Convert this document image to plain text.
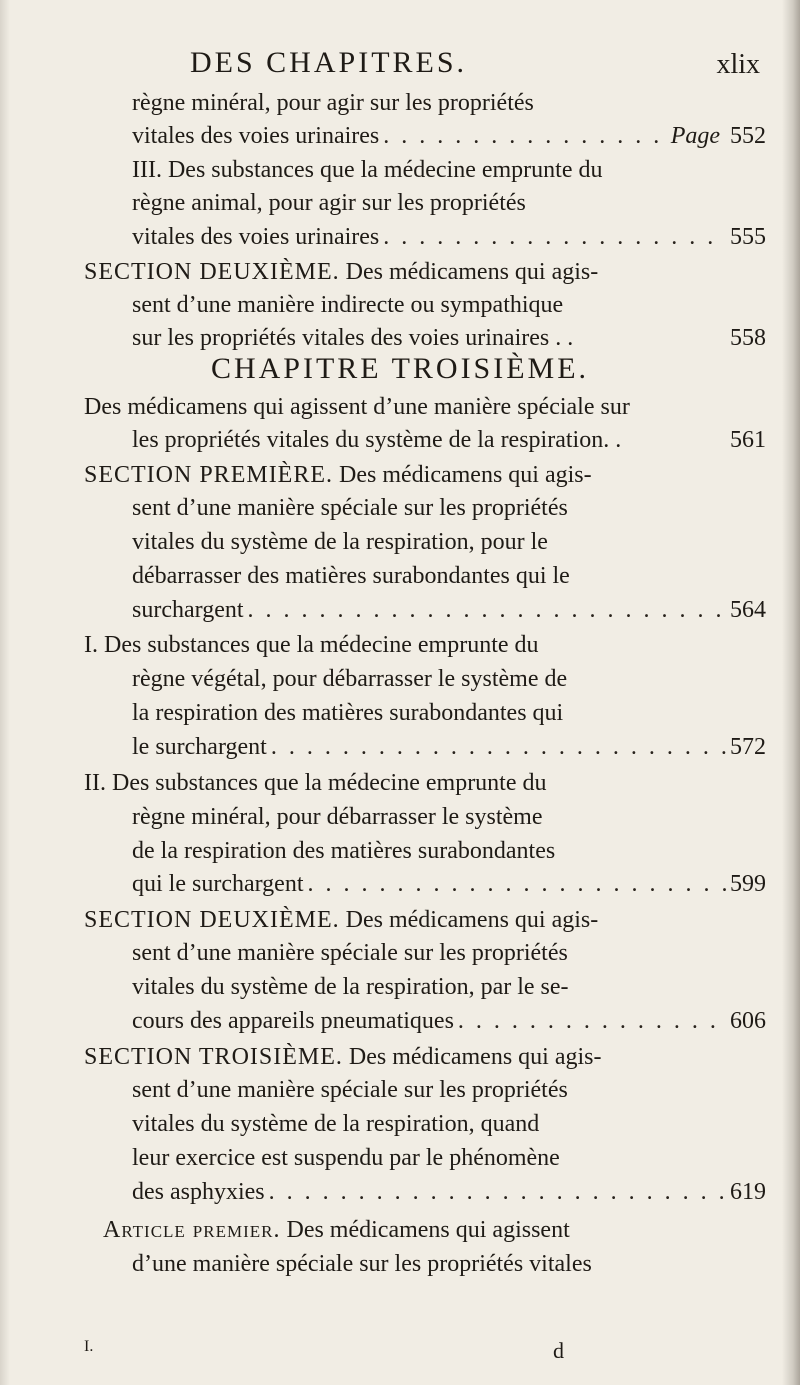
DES CHAPITRES.	xlix
règne minéral, pour agir sur les propriétés
vitales des voies urinaires . . .	Page 552
III. Des substances que la médecine emprunte du
règne animal, pour agir sur les propriétés
vitales des voies urinaires . . .	555
SECTION DEUXIÈME. Des médicamens qui agis-
sent d’une manière indirecte ou sympathique
sur les propriétés vitales des voies urinaires . .	558
CHAPITRE TROISIÈME.
Des médicamens qui agissent d’une manière spéciale sur
les propriétés vitales du système de la respiration. .	561
SECTION PREMIÈRE. Des médicamens qui agis-
sent d’une manière spéciale sur les propriétés
vitales du système de la respiration, pour le
débarrasser des matières surabondantes qui le
surchargent . . .	564
I. Des substances que la médecine emprunte du
règne végétal, pour débarrasser le système de
la respiration des matières surabondantes qui
le surchargent . . .	572
II. Des substances que la médecine emprunte du
règne minéral, pour débarrasser le système
de la respiration des matières surabondantes
qui le surchargent . . .	599
SECTION DEUXIÈME. Des médicamens qui agis-
sent d’une manière spéciale sur les propriétés
vitales du système de la respiration, par le se-
cours des appareils pneumatiques . . .	606
SECTION TROISIÈME. Des médicamens qui agis-
sent d’une manière spéciale sur les propriétés
vitales du système de la respiration, quand
leur exercice est suspendu par le phénomène
des asphyxies . . .	619
Article premier. Des médicamens qui agissent
d’une manière spéciale sur les propriétés vitales
I.	d
